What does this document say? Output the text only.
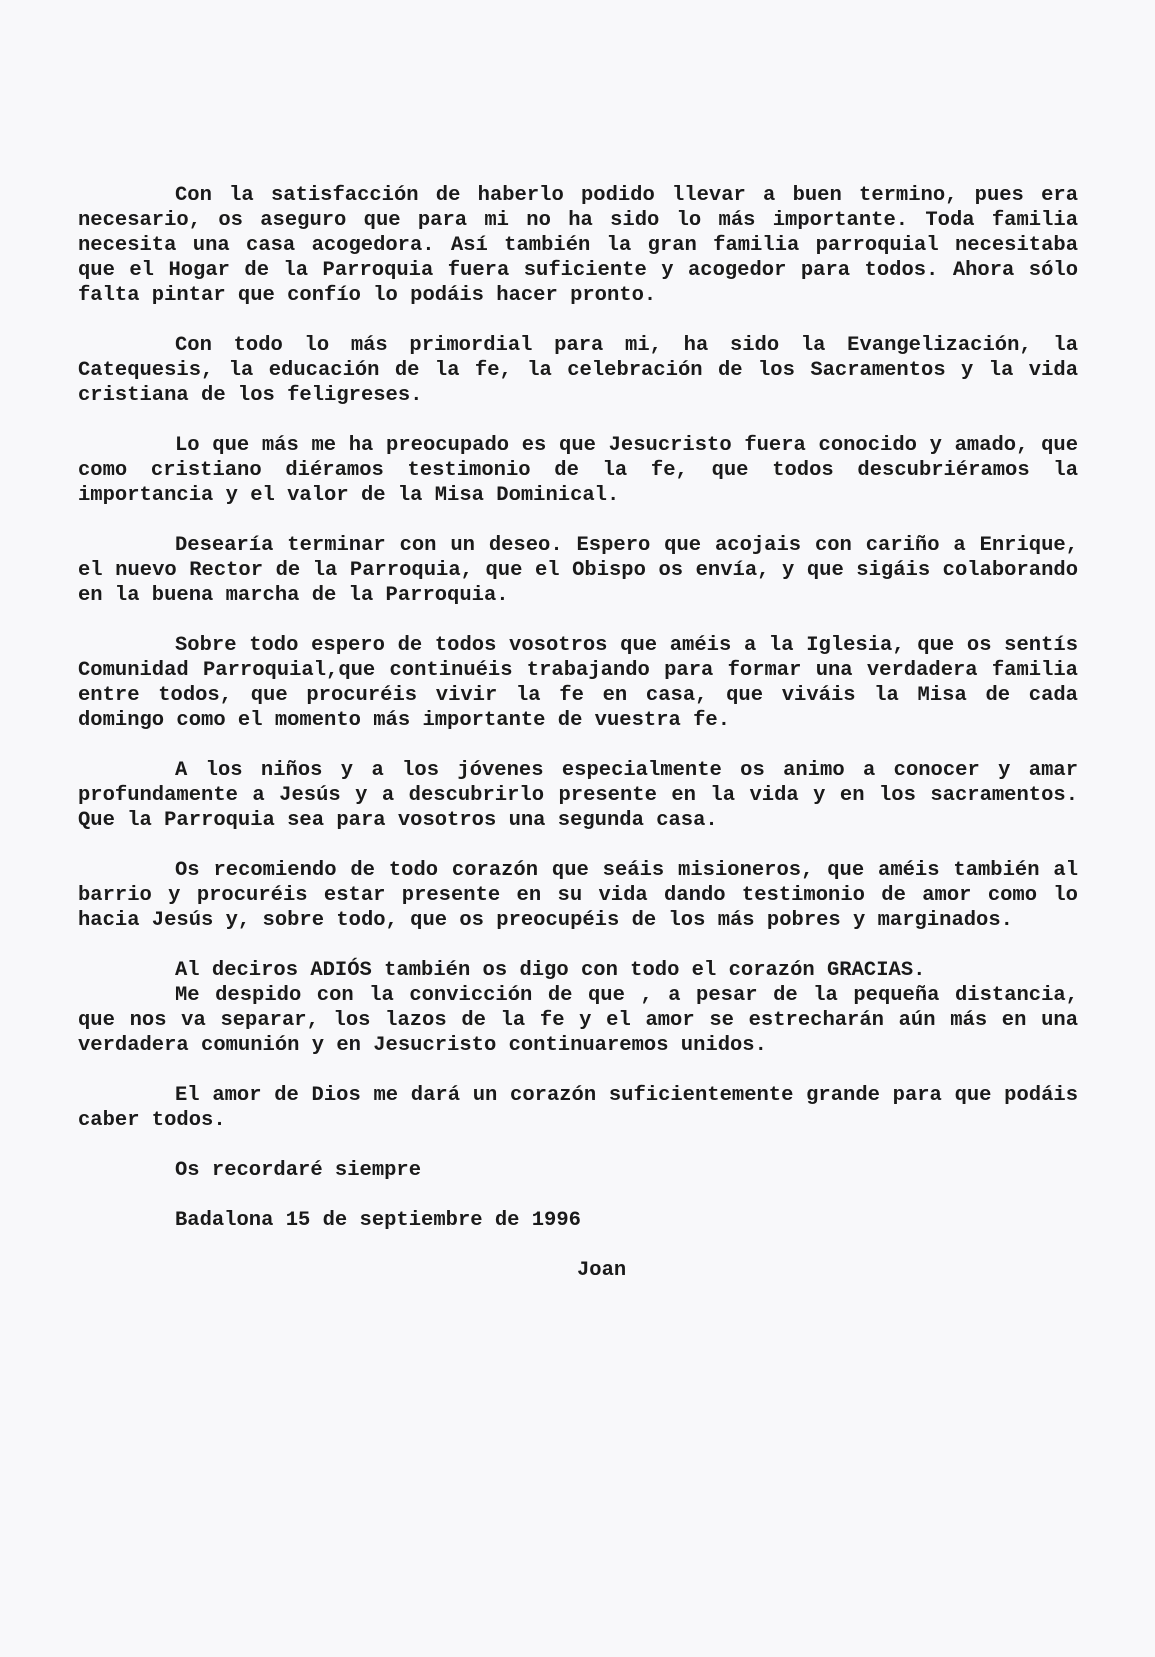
Con la satisfacción de haberlo podido llevar a buen termino, pues era necesario, os aseguro que para mi no ha sido lo más importante. Toda familia necesita una casa acogedora. Así también la gran familia parroquial necesitaba que el Hogar de la Parroquia fuera suficiente y acogedor para todos. Ahora sólo falta pintar que confío lo podáis hacer pronto.

Con todo lo más primordial para mi, ha sido la Evangelización, la Catequesis, la educación de la fe, la celebración de los Sacramentos y la vida cristiana de los feligreses.

Lo que más me ha preocupado es que Jesucristo fuera conocido y amado, que como cristiano diéramos testimonio de la fe, que todos descubriéramos la importancia y el valor de la Misa Dominical.

Desearía terminar con un deseo. Espero que acojais con cariño a Enrique, el nuevo Rector de la Parroquia, que el Obispo os envía, y que sigáis colaborando en la buena marcha de la Parroquia.

Sobre todo espero de todos vosotros que améis a la Iglesia, que os sentís Comunidad Parroquial,que continuéis trabajando para formar una verdadera familia entre todos, que procuréis vivir la fe en casa, que viváis la Misa de cada domingo como el momento más importante de vuestra fe.

A los niños y a los jóvenes especialmente os animo a conocer y amar profundamente a Jesús y a descubrirlo presente en la vida y en los sacramentos. Que la Parroquia sea para vosotros una segunda casa.

Os recomiendo de todo corazón que seáis misioneros, que améis también al barrio y procuréis estar presente en su vida dando testimonio de amor como lo hacia Jesús y, sobre todo, que os preocupéis de los más pobres y marginados.

Al deciros ADIÓS también os digo con todo el corazón GRACIAS.

Me despido con la convicción de que , a pesar de la pequeña distancia, que nos va separar, los lazos de la fe y el amor se estrecharán aún más en una verdadera comunión y en Jesucristo continuaremos unidos.

El amor de Dios me dará un corazón suficientemente grande para que podáis caber todos.

Os recordaré siempre

Badalona 15 de septiembre de 1996

Joan
